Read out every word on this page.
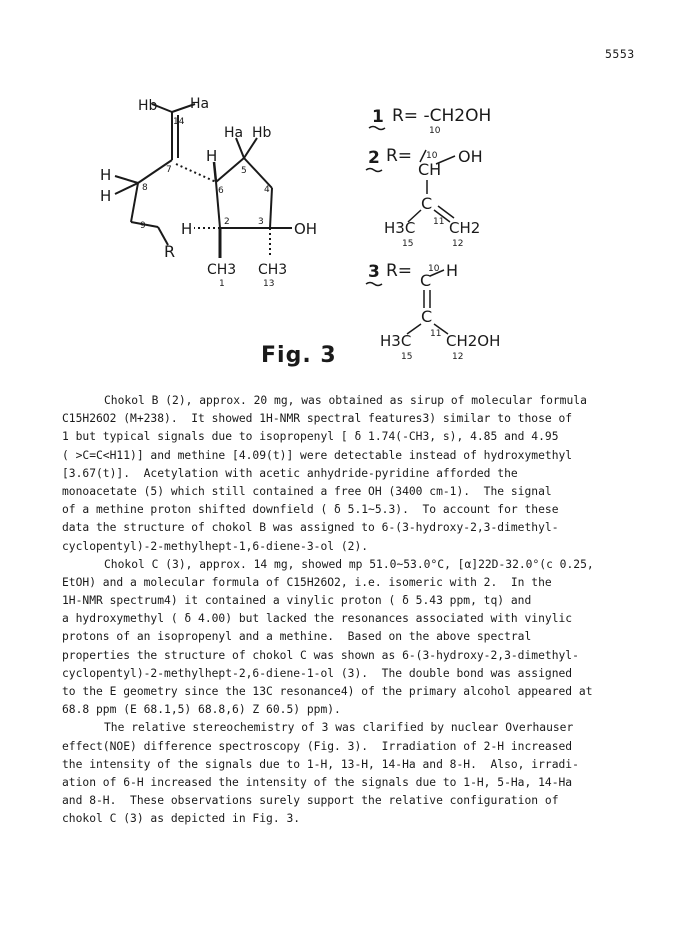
5553
Hb Ha
Ha Hb
H
H
H
H
R
OH
CH3 CH3
14
7	5
4
6
8
9	2	3
1	13
1 R= -CH2OH
10
2 R=	OH
CH
10
C
H3C CH2
11
15	12
3 R= C
H
10
C
H3C CH2OH
11
15	12
Fig. 3
Chokol B (2), approx. 20 mg, was obtained as sirup of molecular formula
C15H26O2 (M+238).  It showed 1H-NMR spectral features3) similar to those of
1 but typical signals due to isopropenyl [ δ 1.74(-CH3, s), 4.85 and 4.95
( >C=C<H11)] and methine [4.09(t)] were detectable instead of hydroxymethyl
[3.67(t)].  Acetylation with acetic anhydride-pyridine afforded the
monoacetate (5) which still contained a free OH (3400 cm-1).  The signal
of a methine proton shifted downfield ( δ 5.1~5.3).  To account for these
data the structure of chokol B was assigned to 6-(3-hydroxy-2,3-dimethyl-
cyclopentyl)-2-methylhept-1,6-diene-3-ol (2).
Chokol C (3), approx. 14 mg, showed mp 51.0~53.0°C, [α]22D-32.0°(c 0.25,
EtOH) and a molecular formula of C15H26O2, i.e. isomeric with 2.  In the
1H-NMR spectrum4) it contained a vinylic proton ( δ 5.43 ppm, tq) and
a hydroxymethyl ( δ 4.00) but lacked the resonances associated with vinylic
protons of an isopropenyl and a methine.  Based on the above spectral
properties the structure of chokol C was shown as 6-(3-hydroxy-2,3-dimethyl-
cyclopentyl)-2-methylhept-2,6-diene-1-ol (3).  The double bond was assigned
to the E geometry since the 13C resonance4) of the primary alcohol appeared at
68.8 ppm (E 68.1,5) 68.8,6) Z 60.5) ppm).
The relative stereochemistry of 3 was clarified by nuclear Overhauser
effect(NOE) difference spectroscopy (Fig. 3).  Irradiation of 2-H increased
the intensity of the signals due to 1-H, 13-H, 14-Ha and 8-H.  Also, irradi-
ation of 6-H increased the intensity of the signals due to 1-H, 5-Ha, 14-Ha
and 8-H.  These observations surely support the relative configuration of
chokol C (3) as depicted in Fig. 3.
